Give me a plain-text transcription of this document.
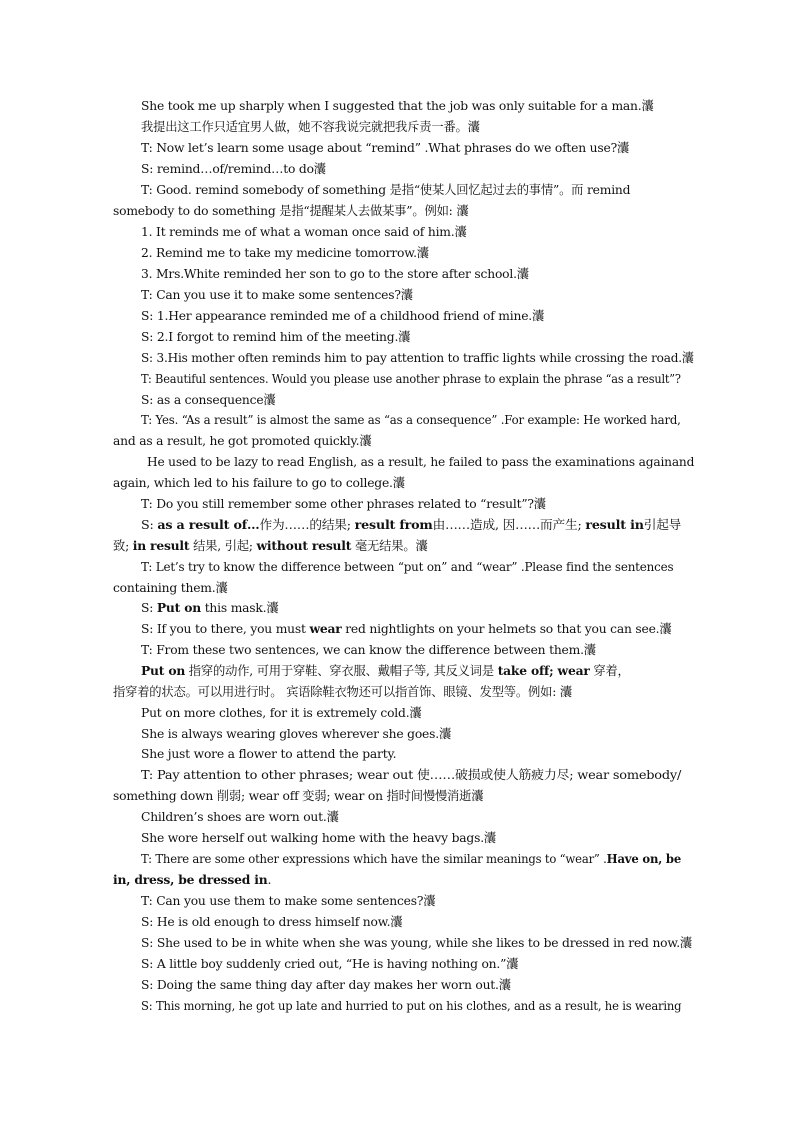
She took me up sharply when I suggested that the job was only suitable for a man.灢
我提出这工作只适宜男人做，她不容我说完就把我斥责一番。灢
T: Now let’s learn some usage about “remind” .What phrases do we often use?灢
S: remind…of/remind…to do灢
T: Good. remind somebody of something 是指“使某人回忆起过去的事情”。而 remind
somebody to do something 是指“提醒某人去做某事”。例如: 灢
1. It reminds me of what a woman once said of him.灢
2. Remind me to take my medicine tomorrow.灢
3. Mrs.White reminded her son to go to the store after school.灢
T: Can you use it to make some sentences?灢
S: 1.Her appearance reminded me of a childhood friend of mine.灢
S: 2.I forgot to remind him of the meeting.灢
S: 3.His mother often reminds him to pay attention to traffic lights while crossing the road.灢
T: Beautiful sentences. Would you please use another phrase to explain the phrase “as a result”?
S: as a consequence灢
T: Yes. “As a result” is almost the same as “as a consequence” .For example: He worked hard,
and as a result, he got promoted quickly.灢
He used to be lazy to read English, as a result, he failed to pass the examinations againand
again, which led to his failure to go to college.灢
T: Do you still remember some other phrases related to “result”?灢
S: as a result of…作为……的结果; result from由……造成, 因……而产生; result in引起导
致; in result 结果, 引起; without result 毫无结果。灢
T: Let’s try to know the difference between “put on” and “wear” .Please find the sentences
containing them.灢
S: Put on this mask.灢
S: If you to there, you must wear red nightlights on your helmets so that you can see.灢
T: From these two sentences, we can know the difference between them.灢
Put on 指穿的动作, 可用于穿鞋、穿衣服、戴帽子等, 其反义词是 take off; wear 穿着，
指穿着的状态。可以用进行时。 宾语除鞋衣物还可以指首饰、眼镜、发型等。例如: 灢
Put on more clothes, for it is extremely cold.灢
She is always wearing gloves wherever she goes.灢
She just wore a flower to attend the party.
T: Pay attention to other phrases; wear out 使……破损或使人筋疲力尽; wear somebody/
something down 削弱; wear off 变弱; wear on 指时间慢慢消逝灢
Children’s shoes are worn out.灢
She wore herself out walking home with the heavy bags.灢
T: There are some other expressions which have the similar meanings to “wear” .Have on, be
in, dress, be dressed in.
T: Can you use them to make some sentences?灢
S: He is old enough to dress himself now.灢
S: She used to be in white when she was young, while she likes to be dressed in red now.灢
S: A little boy suddenly cried out, “He is having nothing on.”灢
S: Doing the same thing day after day makes her worn out.灢
S: This morning, he got up late and hurried to put on his clothes, and as a result, he is wearing
